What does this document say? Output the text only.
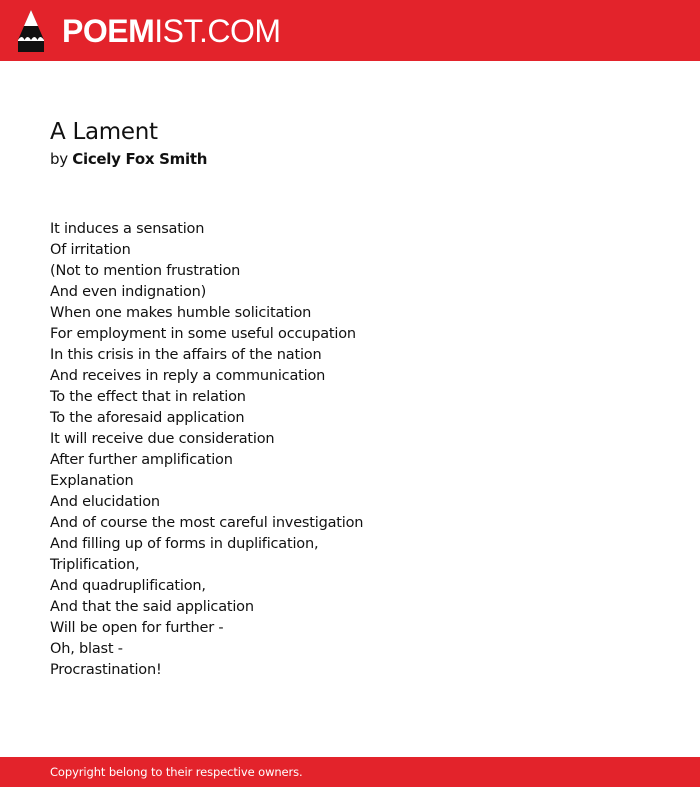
POEMIST.COM
A Lament
by Cicely Fox Smith
It induces a sensation
Of irritation
(Not to mention frustration
And even indignation)
When one makes humble solicitation
For employment in some useful occupation
In this crisis in the affairs of the nation
And receives in reply a communication
To the effect that in relation
To the aforesaid application
It will receive due consideration
After further amplification
Explanation
And elucidation
And of course the most careful investigation
And filling up of forms in duplification,
Triplification,
And quadruplification,
And that the said application
Will be open for further -
Oh, blast -
Procrastination!
Copyright belong to their respective owners.
